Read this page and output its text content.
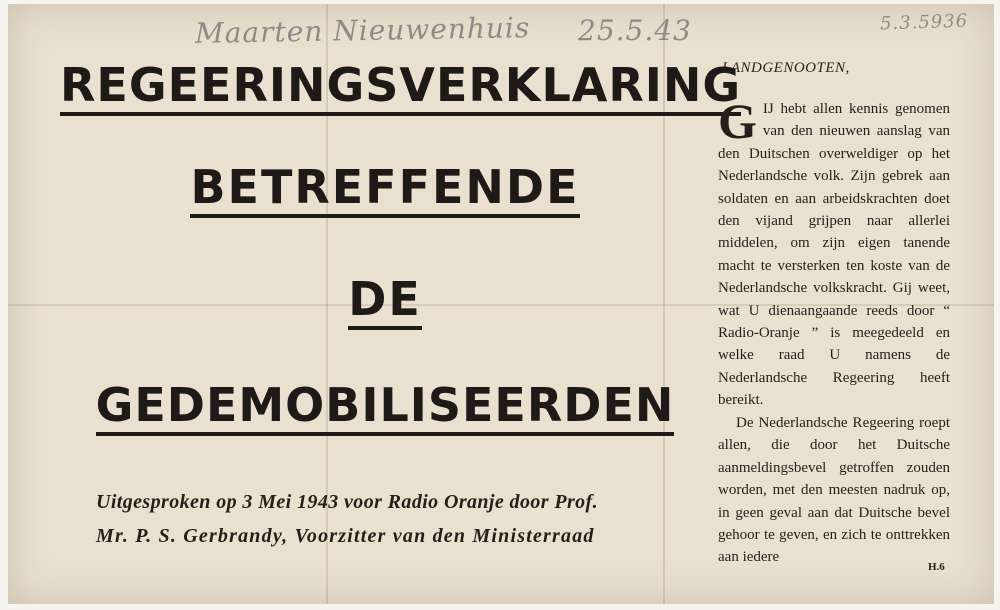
Maarten Nieuwenhuis 25.5.43	5.3.5936
REGEERINGSVERKLARING
BETREFFENDE
DE
GEDEMOBILISEERDEN
Uitgesproken op 3 Mei 1943 voor Radio Oranje door Prof.
Mr. P. S. Gerbrandy, Voorzitter van den Ministerraad
LANDGENOOTEN,
GIJ hebt allen kennis genomen van den nieuwen aanslag van den Duitschen overweldiger op het Nederlandsche volk. Zijn gebrek aan soldaten en aan arbeidskrachten doet den vijand grijpen naar allerlei middelen, om zijn eigen tanende macht te versterken ten koste van de Nederlandsche volkskracht. Gij weet, wat U dienaangaande reeds door “ Radio-Oranje ” is meegedeeld en welke raad U namens de Nederlandsche Regeering heeft bereikt.
De Nederlandsche Regeering roept allen, die door het Duitsche aanmeldingsbevel getroffen zouden worden, met den meesten nadruk op, in geen geval aan dat Duitsche bevel gehoor te geven, en zich te onttrekken aan iedere
H.6
